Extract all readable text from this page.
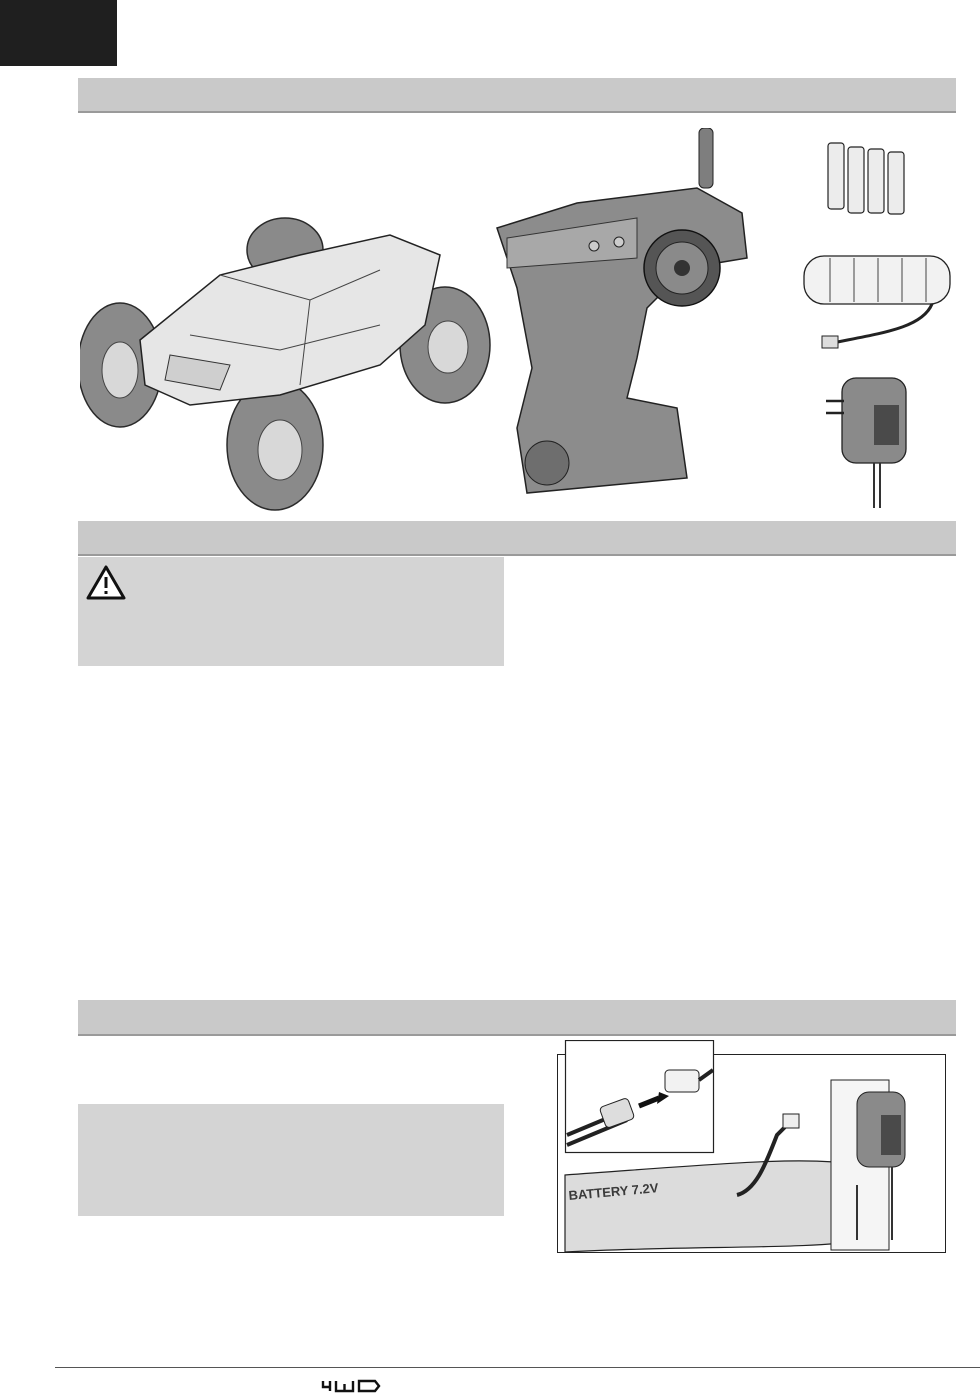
BATTERY 7.2V
